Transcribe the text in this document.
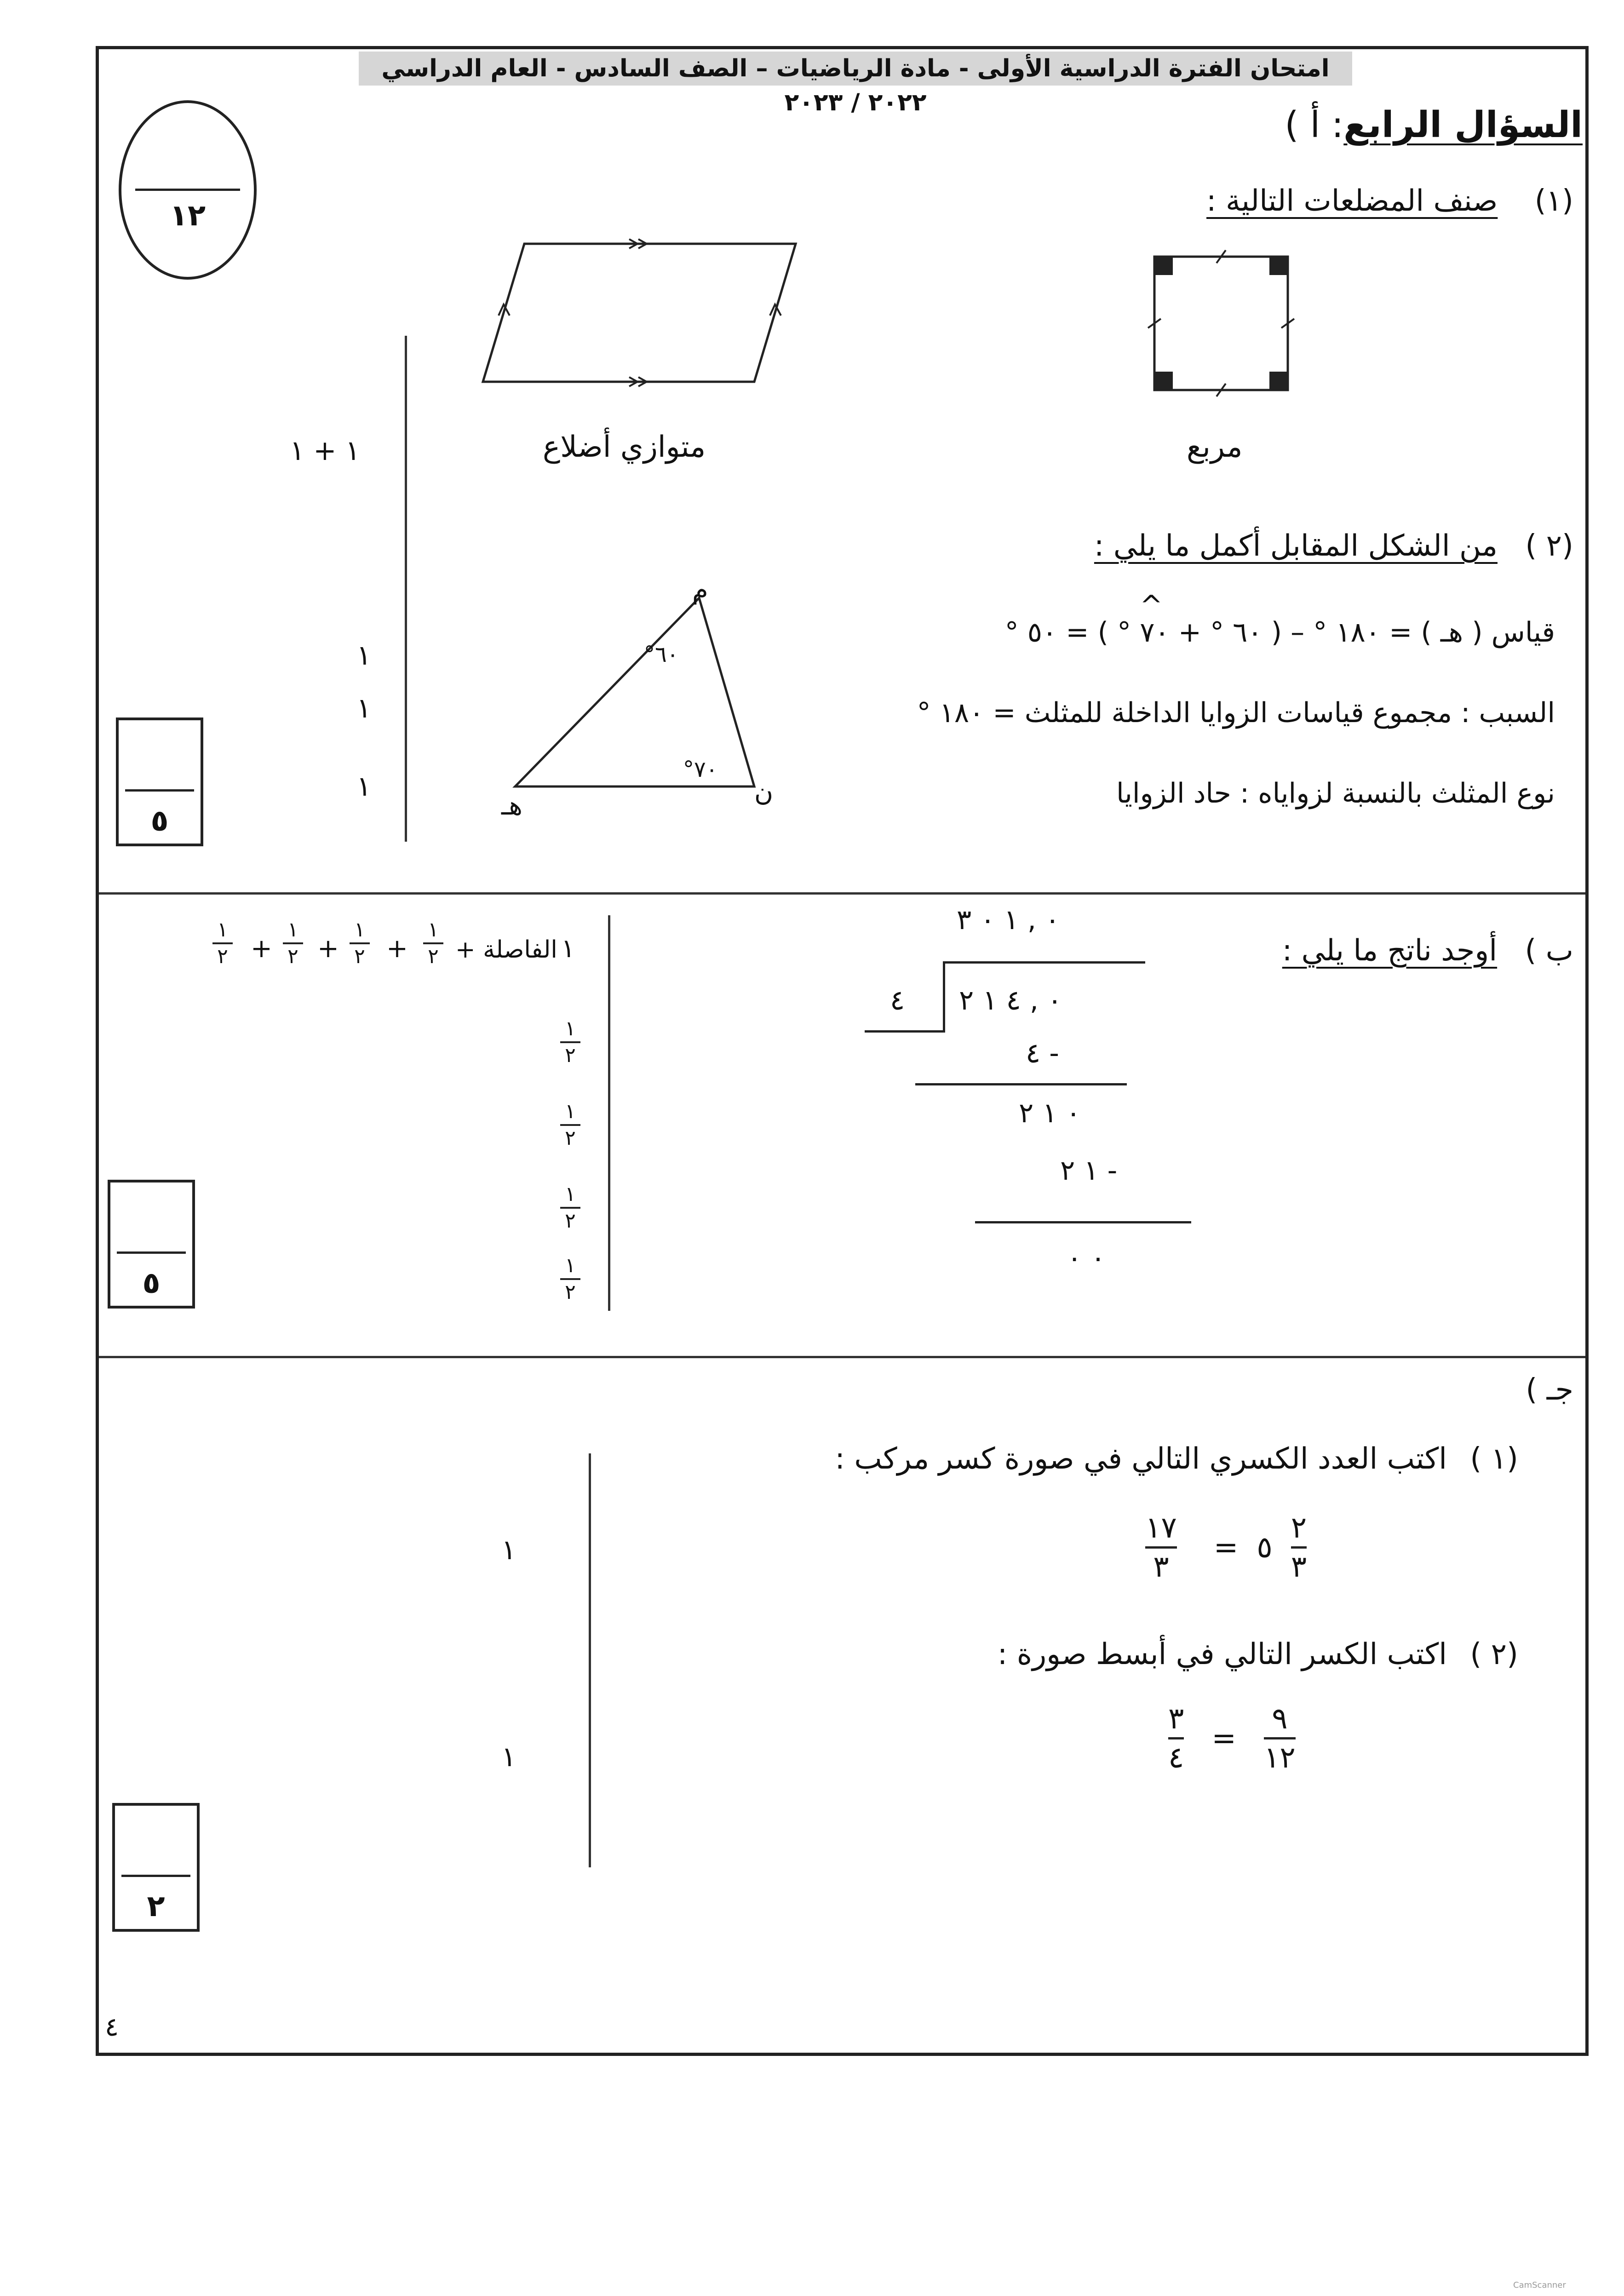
امتحان الفترة الدراسية الأولى - مادة الرياضيات – الصف السادس - العام الدراسي ٢٠٢٢ / ٢٠٢٣
١٢
السؤال الرابع: أ )
(١) صنف المضلعات التالية :
مربع
متوازي أضلاع
١ + ١
(٢ ) من الشكل المقابل أكمل ما يلي :
م
ن
هـ
°٦٠
°٧٠
^
قياس ( هـ ) = ١٨٠ ° – ( ٦٠ ° + ٧٠ ° ) = ٥٠ °
السبب : مجموع قياسات الزوايا الداخلة للمثلث = ١٨٠ °
نوع المثلث بالنسبة لزواياه : حاد الزوايا
١
١
١
٥
ب ) أوجد ناتج ما يلي :
٠ , ١ ٠ ٣
٤ ٠ , ٤ ١ ٢
٤ -
٠ ١ ٢
١ ٢ -
٠ ٠
١
الفاصلة +
١
٢
+
١
٢
+
١
٢
+
١
٢
١
٢
١
٢
١
٢
١
٢
٥
جـ )
(١ ) اكتب العدد الكسري التالي في صورة كسر مركب :
١٧
٣
= ٥
٢
٣
(٢ ) اكتب الكسر التالي في أبسط صورة :
٣
٤
=
٩
١٢
١
١
٢
٤
CamScanner
